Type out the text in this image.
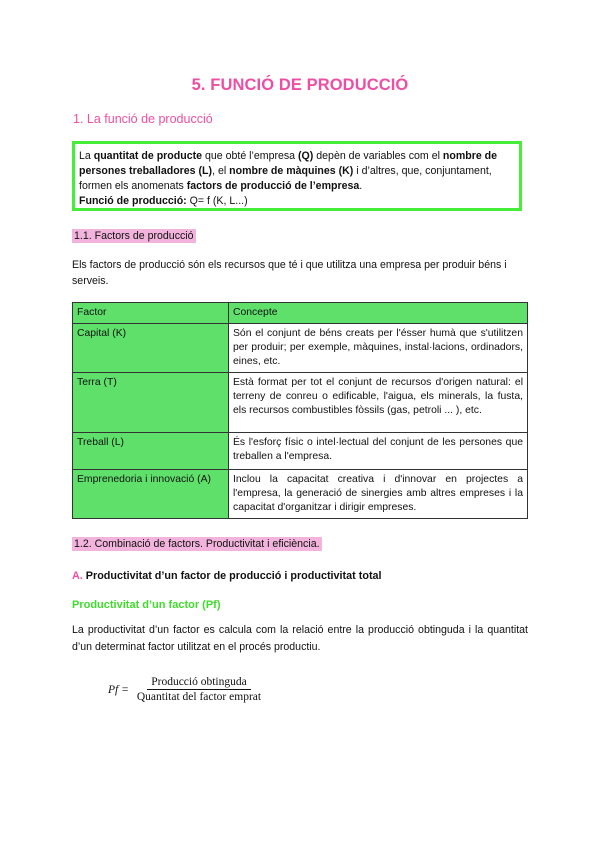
5. FUNCIÓ DE PRODUCCIÓ
1. La funció de producció

La quantitat de producte que obté l’empresa (Q) depèn de variables com el nombre de persones treballadores (L), el nombre de màquines (K) i d’altres, que, conjuntament, formen els anomenats factors de producció de l’empresa.

Funció de producció: Q= f (K, L...)

1.1. Factors de producció
Els factors de producció són els recursos que té i que utilitza una empresa per produir béns i serveis.
Factor	Concepte
Capital (K)	Són el conjunt de béns creats per l'ésser humà que s'utilitzen per produir; per exemple, màquines, instal·lacions, ordinadors, eines, etc.
Terra (T)	Està format per tot el conjunt de recursos d'origen natural: el terreny de conreu o edificable, l'aigua, els minerals, la fusta, els recursos combustibles fòssils (gas, petroli ... ), etc.
Treball (L)	És l'esforç físic o intel·lectual del conjunt de les persones que treballen a l'empresa.
Emprenedoria i innovació (A)	Inclou la capacitat creativa i d'innovar en projectes a l'empresa, la generació de sinergies amb altres empreses i la capacitat d'organitzar i dirigir empreses.
1.2. Combinació de factors. Productivitat i eficiència.
A. Productivitat d’un factor de producció i productivitat total
Productivitat d’un factor (Pf)
La productivitat d’un factor es calcula com la relació entre la producció obtinguda i la quantitat d’un determinat factor utilitzat en el procés productiu.
$Pf = \frac{\text{Producció obtinguda}}{\text{Quantitat del factor emprat}}$
